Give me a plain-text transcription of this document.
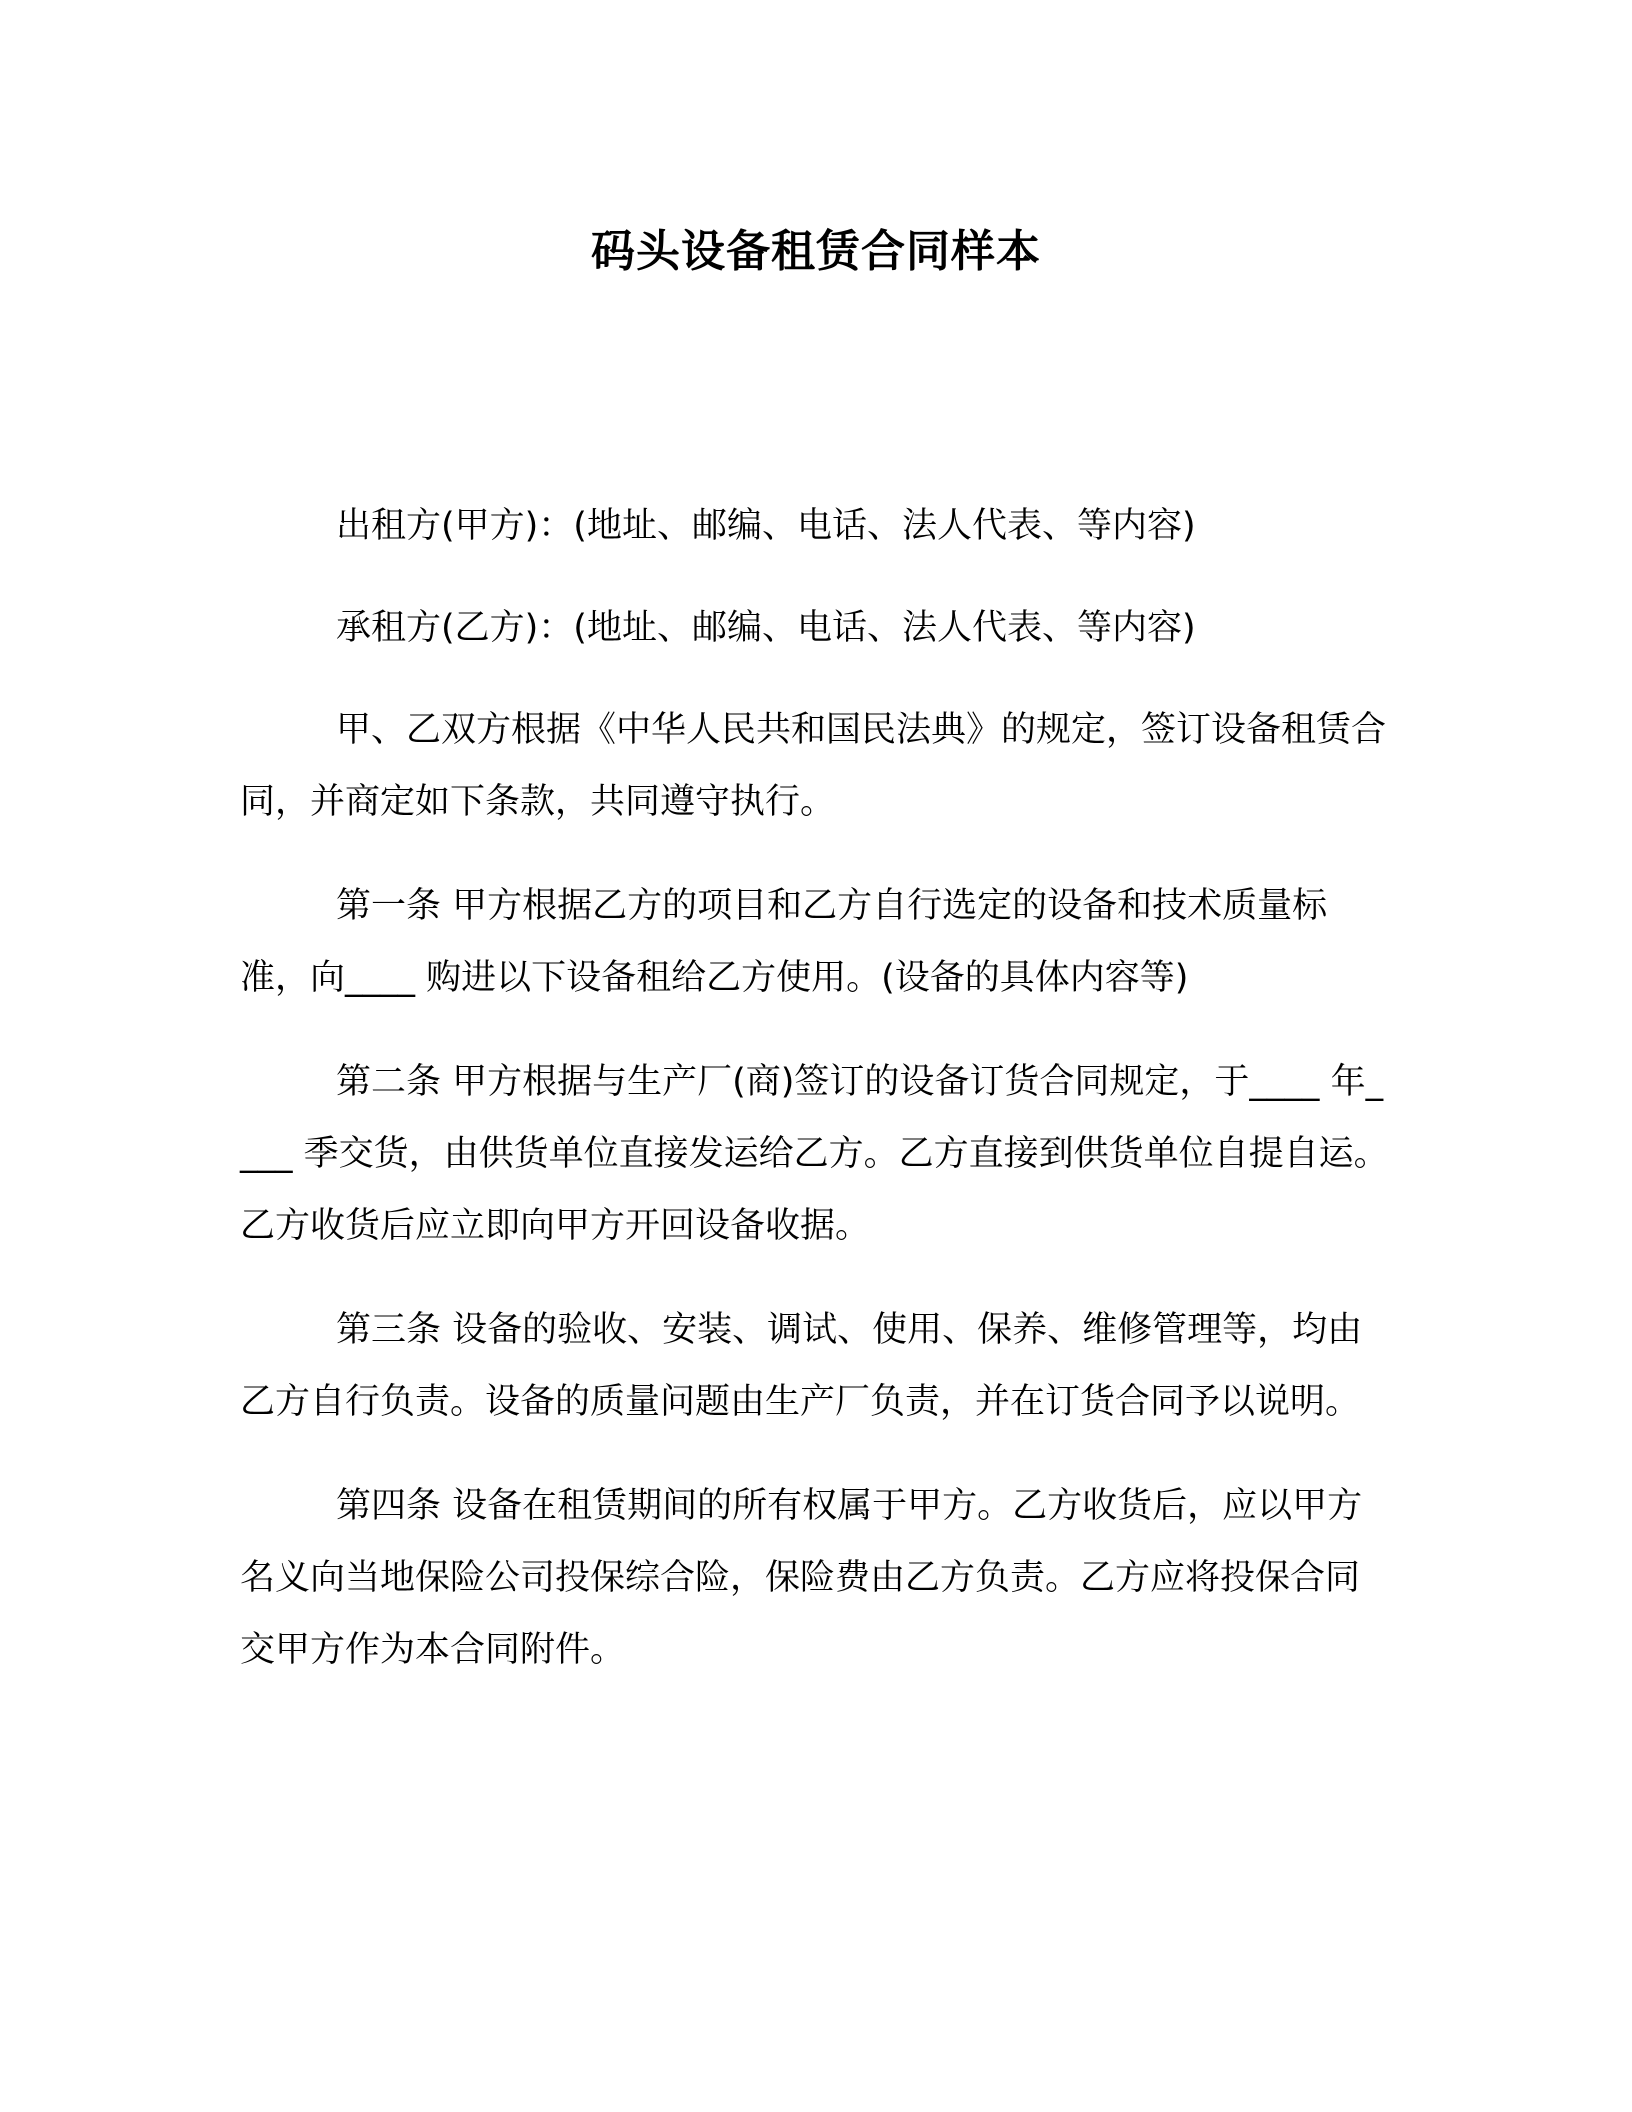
码头设备租赁合同样本

出租方(甲方)：(地址、邮编、电话、法人代表、等内容)

承租方(乙方)：(地址、邮编、电话、法人代表、等内容)

甲、乙双方根据《中华人民共和国民法典》的规定，签订设备租赁合同，并商定如下条款，共同遵守执行。

第一条 甲方根据乙方的项目和乙方自行选定的设备和技术质量标准，向____ 购进以下设备租给乙方使用。(设备的具体内容等)

第二条 甲方根据与生产厂(商)签订的设备订货合同规定，于____ 年____ 季交货，由供货单位直接发运给乙方。乙方直接到供货单位自提自运。乙方收货后应立即向甲方开回设备收据。

第三条 设备的验收、安装、调试、使用、保养、维修管理等，均由乙方自行负责。设备的质量问题由生产厂负责，并在订货合同予以说明。

第四条 设备在租赁期间的所有权属于甲方。乙方收货后，应以甲方名义向当地保险公司投保综合险，保险费由乙方负责。乙方应将投保合同交甲方作为本合同附件。
